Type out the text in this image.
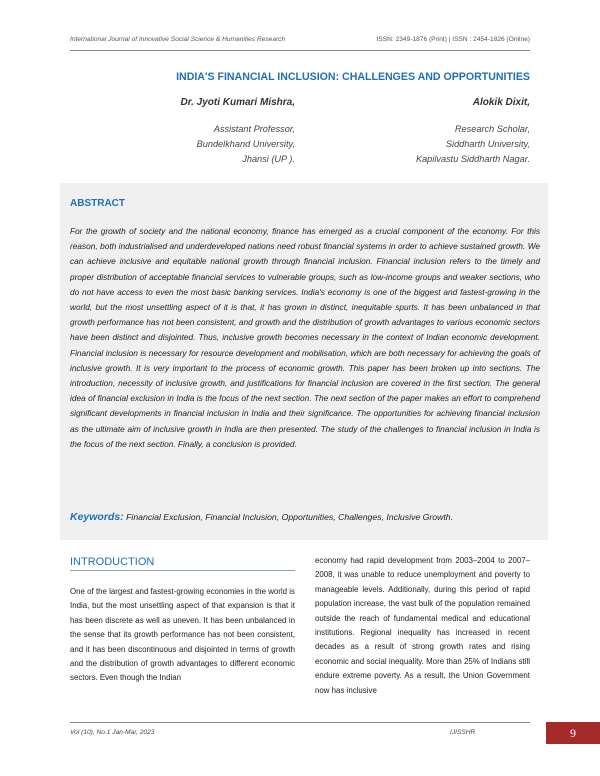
International Journal of Innovative Social Science & Humanities Research	ISSN: 2349-1876 (Print) | ISSN : 2454-1826 (Online)
INDIA'S FINANCIAL INCLUSION: CHALLENGES AND OPPORTUNITIES
Dr. Jyoti Kumari Mishra,	Alokik Dixit,
Assistant Professor,
Bundelkhand University,
Jhansi (UP ).
Research Scholar,
Siddharth University,
Kapilvastu Siddharth Nagar.
ABSTRACT

For the growth of society and the national economy, finance has emerged as a crucial component of the economy. For this reason, both industrialised and underdeveloped nations need robust financial systems in order to achieve sustained growth. We can achieve inclusive and equitable national growth through financial inclusion. Financial inclusion refers to the timely and proper distribution of acceptable financial services to vulnerable groups, such as low-income groups and weaker sections, who do not have access to even the most basic banking services. India's economy is one of the biggest and fastest-growing in the world, but the most unsettling aspect of it is that, it has grown in distinct, inequitable spurts. It has been unbalanced in that growth performance has not been consistent, and growth and the distribution of growth advantages to various economic sectors have been distinct and disjointed. Thus, inclusive growth becomes necessary in the context of Indian economic development. Financial inclusion is necessary for resource development and mobilisation, which are both necessary for achieving the goals of inclusive growth. It is very important to the process of economic growth. This paper has been broken up into sections. The introduction, necessity of inclusive growth, and justifications for financial inclusion are covered in the first section. The general idea of financial exclusion in India is the focus of the next section. The next section of the paper makes an effort to comprehend significant developments in financial inclusion in India and their significance. The opportunities for achieving financial inclusion as the ultimate aim of inclusive growth in India are then presented. The study of the challenges to financial inclusion in India is the focus of the next section. Finally, a conclusion is provided.

Keywords: Financial Exclusion, Financial Inclusion, Opportunities, Challenges, Inclusive Growth.
INTRODUCTION

One of the largest and fastest-growing economies in the world is India, but the most unsettling aspect of that expansion is that it has been discrete as well as uneven. It has been unbalanced in the sense that its growth performance has not been consistent, and it has been discontinuous and disjointed in terms of growth and the distribution of growth advantages to different economic sectors. Even though the Indian

economy had rapid development from 2003–2004 to 2007–2008, it was unable to reduce unemployment and poverty to manageable levels. Additionally, during this period of rapid population increase, the vast bulk of the population remained outside the reach of fundamental medical and educational institutions. Regional inequality has increased in recent decades as a result of strong growth rates and rising economic and social inequality. More than 25% of Indians still endure extreme poverty. As a result, the Union Government now has inclusive

Vol (10), No.1 Jan-Mar, 2023	IJISSHR	9
